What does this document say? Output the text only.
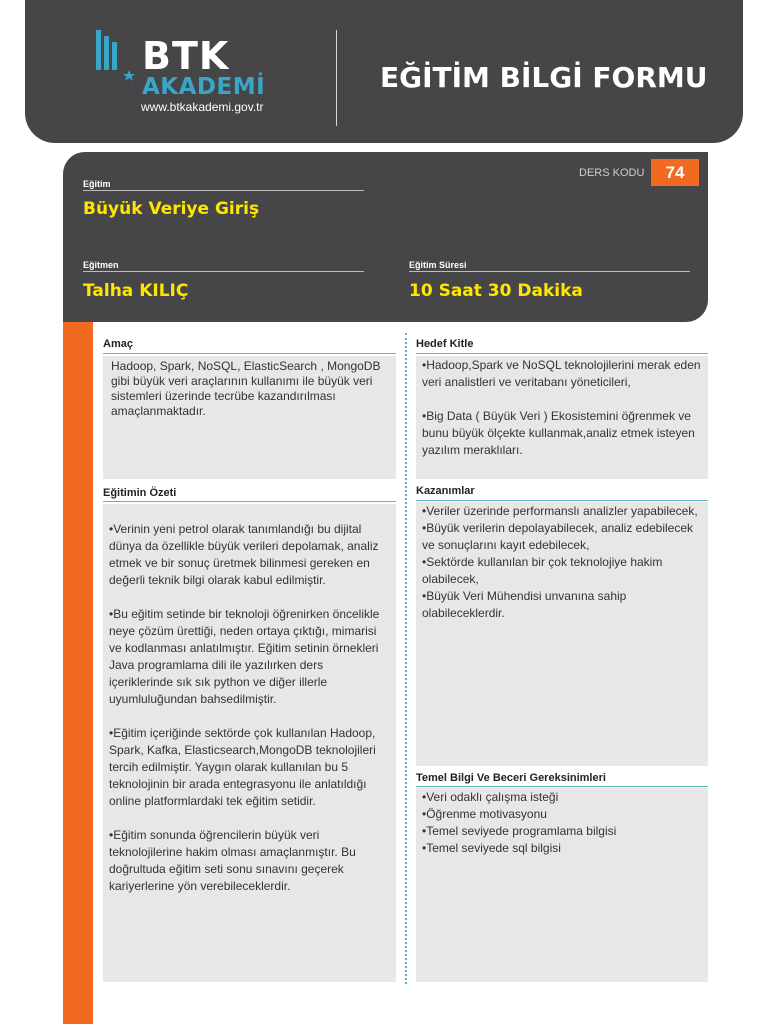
BTK
AKADEMİ
www.btkakademi.gov.tr
EĞİTİM BİLGİ FORMU
DERS KODU	74
Eğitim
Büyük Veriye Giriş
Eğitmen
Talha KILIÇ
Eğitim Süresi
10 Saat 30 Dakika
Amaç

Hadoop, Spark, NoSQL, ElasticSearch , MongoDB gibi büyük veri araçlarının kullanımı ile büyük veri sistemleri üzerinde tecrübe kazandırılması amaçlanmaktadır.

Hedef Kitle

•Hadoop,Spark ve NoSQL teknolojilerini merak eden veri analistleri ve veritabanı yöneticileri,

•Big Data ( Büyük Veri ) Ekosistemini öğrenmek ve bunu büyük ölçekte kullanmak,analiz etmek isteyen yazılım meraklıları.

Eğitimin Özeti

•Verinin yeni petrol olarak tanımlandığı bu dijital dünya da özellikle büyük verileri depolamak, analiz etmek ve bir sonuç üretmek bilinmesi gereken en değerli teknik bilgi olarak kabul edilmiştir.

•Bu eğitim setinde bir teknoloji öğrenirken öncelikle neye çözüm ürettiği, neden ortaya çıktığı, mimarisi ve kodlanması anlatılmıştır. Eğitim setinin örnekleri Java programlama dili ile yazılırken ders içeriklerinde sık sık python ve diğer illerle uyumluluğundan bahsedilmiştir.

•Eğitim içeriğinde sektörde çok kullanılan Hadoop, Spark, Kafka, Elasticsearch,MongoDB teknolojileri tercih edilmiştir. Yaygın olarak kullanılan bu 5 teknolojinin bir arada entegrasyonu ile anlatıldığı online platformlardaki tek eğitim setidir.

•Eğitim sonunda öğrencilerin büyük veri teknolojilerine hakim olması amaçlanmıştır. Bu doğrultuda eğitim seti sonu sınavını geçerek kariyerlerine yön verebileceklerdir.

Kazanımlar

•Veriler üzerinde performanslı analizler yapabilecek,

•Büyük verilerin depolayabilecek, analiz edebilecek ve sonuçlarını kayıt edebilecek,

•Sektörde kullanılan bir çok teknolojiye hakim olabilecek,

•Büyük Veri Mühendisi unvanına sahip olabileceklerdir.

Temel Bilgi Ve Beceri Gereksinimleri

•Veri odaklı çalışma isteği

•Öğrenme motivasyonu

•Temel seviyede programlama bilgisi

•Temel seviyede sql bilgisi
